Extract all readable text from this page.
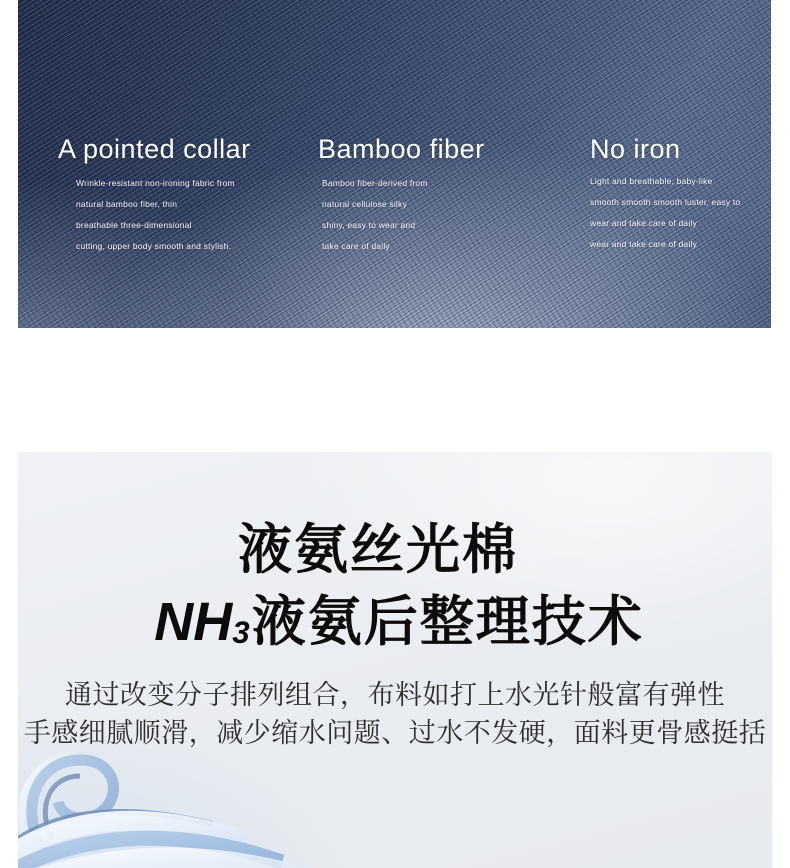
A pointed collar

Wrinkle-resistant non-ironing fabric from

natural bamboo fiber, thin

breathable three-dimensional

cutting, upper body smooth and stylish.

Bamboo fiber

Bamboo fiber-derived from

natural cellulose silky

shiny, easy to wear and

take care of daily

No iron

Light and breathable, baby-like

smooth smooth smooth luster, easy to

wear and take care of daily

wear and take care of daily

液氨丝光棉
NH3液氨后整理技术

通过改变分子排列组合，布料如打上水光针般富有弹性

手感细腻顺滑，减少缩水问题、过水不发硬，面料更骨感挺括
